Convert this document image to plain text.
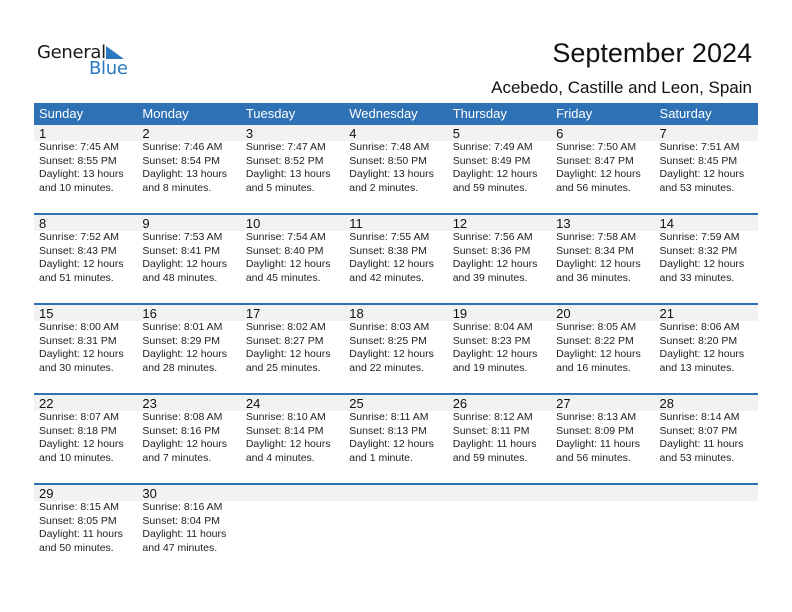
General
Blue
September 2024
Acebedo, Castille and Leon, Spain
Sunday	Monday	Tuesday	Wednesday	Thursday	Friday	Saturday
1	2	3	4	5	6	7
Sunrise: 7:45 AM
Sunset: 8:55 PM
Daylight: 13 hours
and 10 minutes.
Sunrise: 7:46 AM
Sunset: 8:54 PM
Daylight: 13 hours
and 8 minutes.
Sunrise: 7:47 AM
Sunset: 8:52 PM
Daylight: 13 hours
and 5 minutes.
Sunrise: 7:48 AM
Sunset: 8:50 PM
Daylight: 13 hours
and 2 minutes.
Sunrise: 7:49 AM
Sunset: 8:49 PM
Daylight: 12 hours
and 59 minutes.
Sunrise: 7:50 AM
Sunset: 8:47 PM
Daylight: 12 hours
and 56 minutes.
Sunrise: 7:51 AM
Sunset: 8:45 PM
Daylight: 12 hours
and 53 minutes.
8	9	10	11	12	13	14
Sunrise: 7:52 AM
Sunset: 8:43 PM
Daylight: 12 hours
and 51 minutes.
Sunrise: 7:53 AM
Sunset: 8:41 PM
Daylight: 12 hours
and 48 minutes.
Sunrise: 7:54 AM
Sunset: 8:40 PM
Daylight: 12 hours
and 45 minutes.
Sunrise: 7:55 AM
Sunset: 8:38 PM
Daylight: 12 hours
and 42 minutes.
Sunrise: 7:56 AM
Sunset: 8:36 PM
Daylight: 12 hours
and 39 minutes.
Sunrise: 7:58 AM
Sunset: 8:34 PM
Daylight: 12 hours
and 36 minutes.
Sunrise: 7:59 AM
Sunset: 8:32 PM
Daylight: 12 hours
and 33 minutes.
15	16	17	18	19	20	21
Sunrise: 8:00 AM
Sunset: 8:31 PM
Daylight: 12 hours
and 30 minutes.
Sunrise: 8:01 AM
Sunset: 8:29 PM
Daylight: 12 hours
and 28 minutes.
Sunrise: 8:02 AM
Sunset: 8:27 PM
Daylight: 12 hours
and 25 minutes.
Sunrise: 8:03 AM
Sunset: 8:25 PM
Daylight: 12 hours
and 22 minutes.
Sunrise: 8:04 AM
Sunset: 8:23 PM
Daylight: 12 hours
and 19 minutes.
Sunrise: 8:05 AM
Sunset: 8:22 PM
Daylight: 12 hours
and 16 minutes.
Sunrise: 8:06 AM
Sunset: 8:20 PM
Daylight: 12 hours
and 13 minutes.
22	23	24	25	26	27	28
Sunrise: 8:07 AM
Sunset: 8:18 PM
Daylight: 12 hours
and 10 minutes.
Sunrise: 8:08 AM
Sunset: 8:16 PM
Daylight: 12 hours
and 7 minutes.
Sunrise: 8:10 AM
Sunset: 8:14 PM
Daylight: 12 hours
and 4 minutes.
Sunrise: 8:11 AM
Sunset: 8:13 PM
Daylight: 12 hours
and 1 minute.
Sunrise: 8:12 AM
Sunset: 8:11 PM
Daylight: 11 hours
and 59 minutes.
Sunrise: 8:13 AM
Sunset: 8:09 PM
Daylight: 11 hours
and 56 minutes.
Sunrise: 8:14 AM
Sunset: 8:07 PM
Daylight: 11 hours
and 53 minutes.
29	30
Sunrise: 8:15 AM
Sunset: 8:05 PM
Daylight: 11 hours
and 50 minutes.
Sunrise: 8:16 AM
Sunset: 8:04 PM
Daylight: 11 hours
and 47 minutes.
